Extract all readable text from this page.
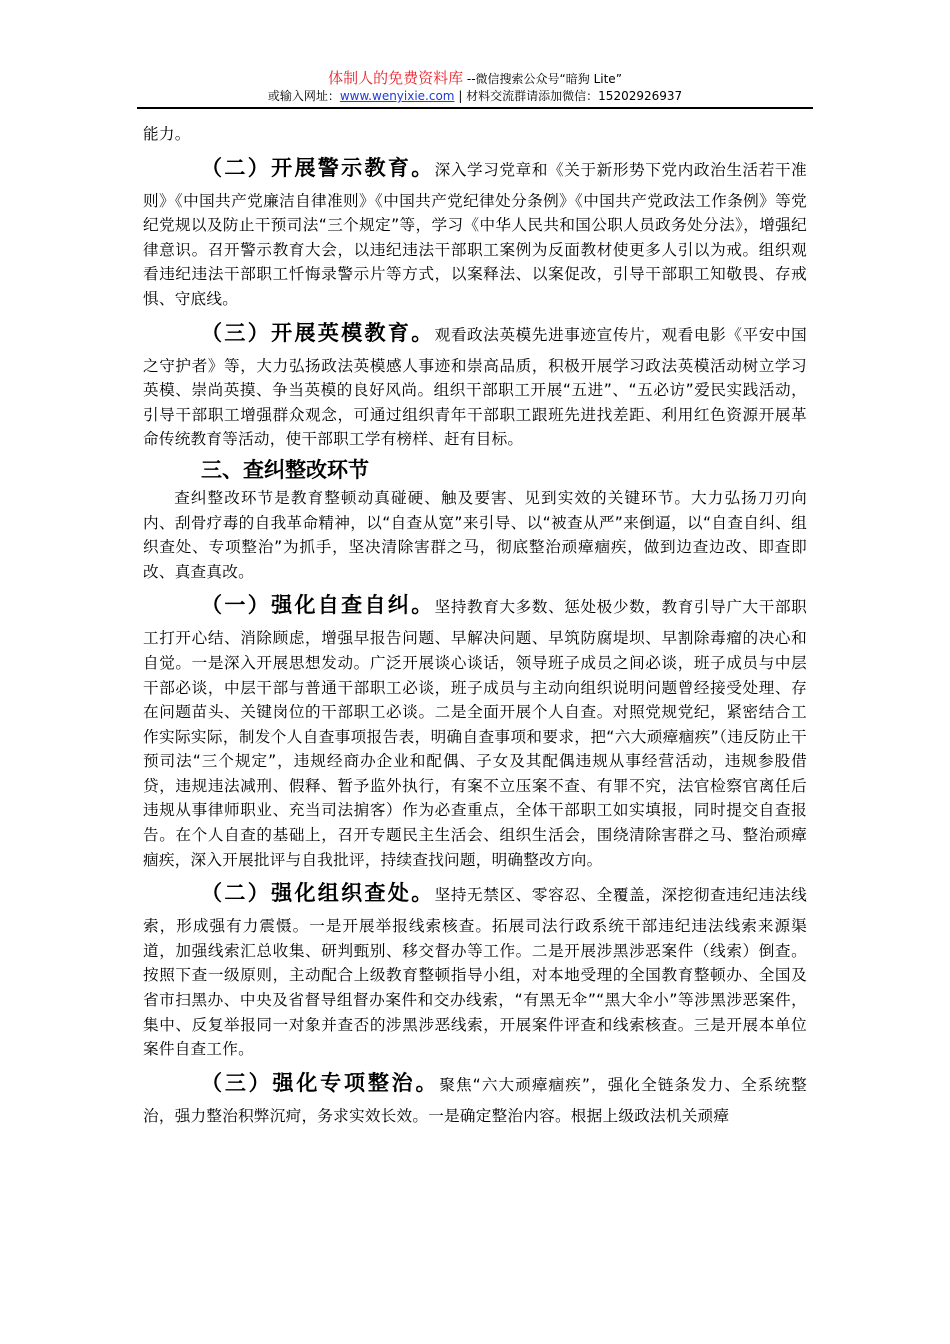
体制人的免费资料库 --微信搜索公众号“暗狗 Lite”
或输入网址：www.wenyixie.com | 材料交流群请添加微信：15202926937

能力。

（二）开展警示教育。深入学习党章和《关于新形势下党内政治生活若干准则》《中国共产党廉洁自律准则》《中国共产党纪律处分条例》《中国共产党政法工作条例》等党纪党规以及防止干预司法“三个规定”等，学习《中华人民共和国公职人员政务处分法》，增强纪律意识。召开警示教育大会，以违纪违法干部职工案例为反面教材使更多人引以为戒。组织观看违纪违法干部职工忏悔录警示片等方式，以案释法、以案促改，引导干部职工知敬畏、存戒惧、守底线。

（三）开展英模教育。观看政法英模先进事迹宣传片，观看电影《平安中国之守护者》等，大力弘扬政法英模感人事迹和崇高品质，积极开展学习政法英模活动树立学习英模、崇尚英摸、争当英模的良好风尚。组织干部职工开展“五进”、“五必访”爱民实践活动，引导干部职工增强群众观念，可通过组织青年干部职工跟班先进找差距、利用红色资源开展革命传统教育等活动，使干部职工学有榜样、赶有目标。

三、查纠整改环节

查纠整改环节是教育整顿动真碰硬、触及要害、见到实效的关键环节。大力弘扬刀刃向内、刮骨疗毒的自我革命精神，以“自查从宽”来引导、以“被查从严”来倒逼，以“自查自纠、组织查处、专项整治”为抓手，坚决清除害群之马，彻底整治顽瘴痼疾，做到边查边改、即查即改、真查真改。

（一）强化自查自纠。坚持教育大多数、惩处极少数，教育引导广大干部职工打开心结、消除顾虑，增强早报告问题、早解决问题、早筑防腐堤坝、早割除毒瘤的决心和自觉。一是深入开展思想发动。广泛开展谈心谈话，领导班子成员之间必谈，班子成员与中层干部必谈，中层干部与普通干部职工必谈，班子成员与主动向组织说明问题曾经接受处理、存在问题苗头、关键岗位的干部职工必谈。二是全面开展个人自查。对照党规党纪，紧密结合工作实际实际，制发个人自查事项报告表，明确自查事项和要求，把“六大顽瘴痼疾”（违反防止干预司法“三个规定”，违规经商办企业和配偶、子女及其配偶违规从事经营活动，违规参股借贷，违规违法减刑、假释、暂予监外执行，有案不立压案不查、有罪不究，法官检察官离任后违规从事律师职业、充当司法掮客）作为必查重点，全体干部职工如实填报，同时提交自查报告。在个人自查的基础上，召开专题民主生活会、组织生活会，围绕清除害群之马、整治顽瘴痼疾，深入开展批评与自我批评，持续查找问题，明确整改方向。

（二）强化组织查处。坚持无禁区、零容忍、全覆盖，深挖彻查违纪违法线索，形成强有力震慑。一是开展举报线索核查。拓展司法行政系统干部违纪违法线索来源渠道，加强线索汇总收集、研判甄别、移交督办等工作。二是开展涉黑涉恶案件（线索）倒查。按照下查一级原则，主动配合上级教育整顿指导小组，对本地受理的全国教育整顿办、全国及省市扫黑办、中央及省督导组督办案件和交办线索，“有黑无伞”“黑大伞小”等涉黑涉恶案件，集中、反复举报同一对象并查否的涉黑涉恶线索，开展案件评查和线索核查。三是开展本单位案件自查工作。

（三）强化专项整治。聚焦“六大顽瘴痼疾”，强化全链条发力、全系统整治，强力整治积弊沉疴，务求实效长效。一是确定整治内容。根据上级政法机关顽瘴
